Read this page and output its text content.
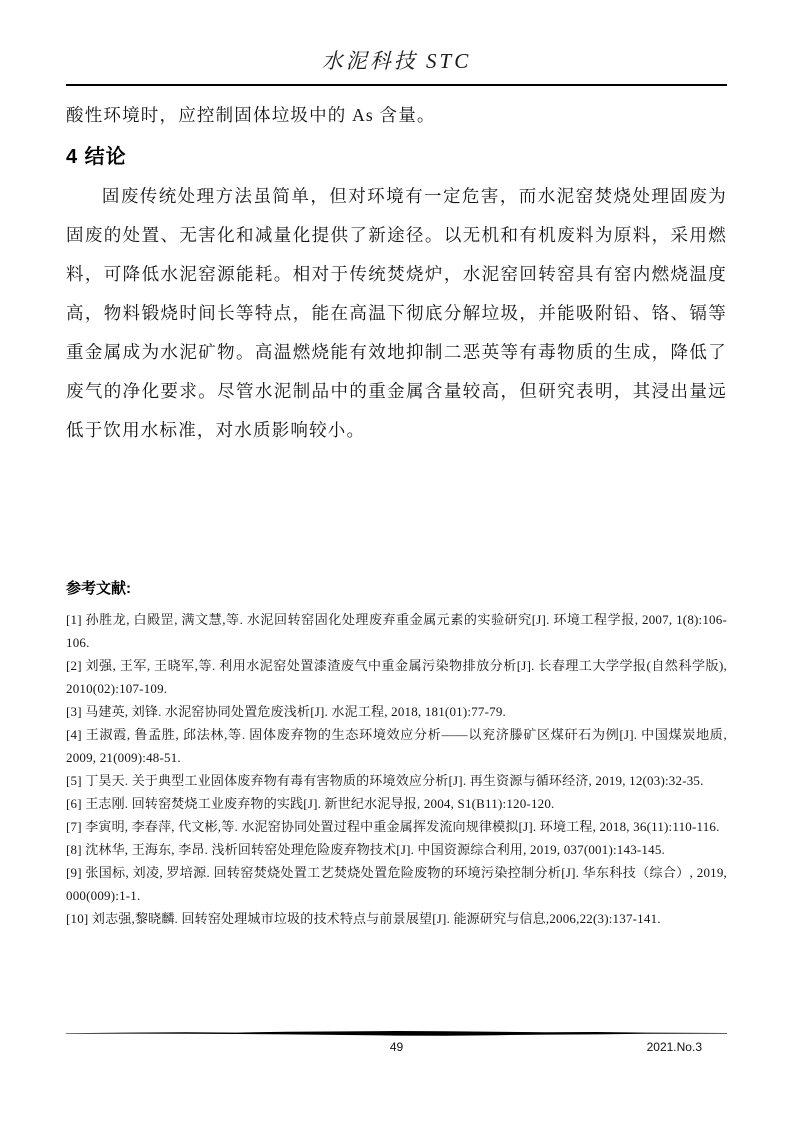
水泥科技 STC
酸性环境时，应控制固体垃圾中的 As 含量。
4 结论
固废传统处理方法虽简单，但对环境有一定危害，而水泥窑焚烧处理固废为固废的处置、无害化和减量化提供了新途径。以无机和有机废料为原料，采用燃料，可降低水泥窑源能耗。相对于传统焚烧炉，水泥窑回转窑具有窑内燃烧温度高，物料锻烧时间长等特点，能在高温下彻底分解垃圾，并能吸附铅、铬、镉等重金属成为水泥矿物。高温燃烧能有效地抑制二恶英等有毒物质的生成，降低了废气的净化要求。尽管水泥制品中的重金属含量较高，但研究表明，其浸出量远低于饮用水标准，对水质影响较小。
参考文献:

[1] 孙胜龙, 白殿罡, 满文慧,等. 水泥回转窑固化处理废弃重金属元素的实验研究[J]. 环境工程学报, 2007, 1(8):106-106.

[2] 刘强, 王军, 王晓军,等. 利用水泥窑处置漆渣废气中重金属污染物排放分析[J]. 长春理工大学学报(自然科学版), 2010(02):107-109.

[3] 马建英, 刘锋. 水泥窑协同处置危废浅析[J]. 水泥工程, 2018, 181(01):77-79.

[4] 王淑霞, 鲁孟胜, 邱法林,等. 固体废弃物的生态环境效应分析——以兖济滕矿区煤矸石为例[J]. 中国煤炭地质, 2009, 21(009):48-51.

[5] 丁昊天. 关于典型工业固体废弃物有毒有害物质的环境效应分析[J]. 再生资源与循环经济, 2019, 12(03):32-35.

[6] 王志刚. 回转窑焚烧工业废弃物的实践[J]. 新世纪水泥导报, 2004, S1(B11):120-120.

[7] 李寅明, 李春萍, 代文彬,等. 水泥窑协同处置过程中重金属挥发流向规律模拟[J]. 环境工程, 2018, 36(11):110-116.

[8] 沈林华, 王海东, 李昂. 浅析回转窑处理危险废弃物技术[J]. 中国资源综合利用, 2019, 037(001):143-145.

[9] 张国标, 刘凌, 罗培源. 回转窑焚烧处置工艺焚烧处置危险废物的环境污染控制分析[J]. 华东科技（综合）, 2019, 000(009):1-1.

[10] 刘志强,黎晓麟. 回转窑处理城市垃圾的技术特点与前景展望[J]. 能源研究与信息,2006,22(3):137-141.

49	2021.No.3
